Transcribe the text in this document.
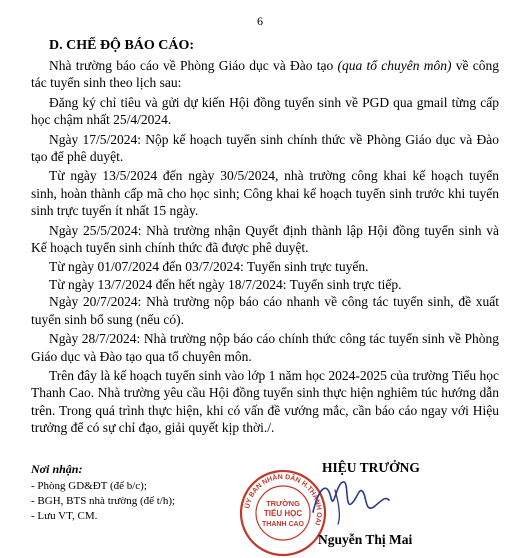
6
D. CHẾ ĐỘ BÁO CÁO:

Nhà trường báo cáo về Phòng Giáo dục và Đào tạo (qua tổ chuyên môn) về công tác tuyển sinh theo lịch sau:

Đăng ký chỉ tiêu và gửi dự kiến Hội đồng tuyển sinh về PGD qua gmail từng cấp học chậm nhất 25/4/2024.

Ngày 17/5/2024: Nộp kế hoạch tuyển sinh chính thức về Phòng Giáo dục và Đào tạo để phê duyệt.

Từ ngày 13/5/2024 đến ngày 30/5/2024, nhà trường công khai kế hoạch tuyển sinh, hoàn thành cấp mã cho học sinh; Công khai kế hoạch tuyển sinh trước khi tuyển sinh trực tuyến ít nhất 15 ngày.

Ngày 25/5/2024: Nhà trường nhận Quyết định thành lập Hội đồng tuyển sinh và Kế hoạch tuyển sinh chính thức đã được phê duyệt.

Từ ngày 01/07/2024 đến 03/7/2024: Tuyển sinh trực tuyến.

Từ ngày 13/7/2024 đến hết ngày 18/7/2024: Tuyển sinh trực tiếp.

Ngày 20/7/2024: Nhà trường nộp báo cáo nhanh về công tác tuyển sinh, đề xuất tuyển sinh bổ sung (nếu có).

Ngày 28/7/2024: Nhà trường nộp báo cáo chính thức công tác tuyển sinh về Phòng Giáo dục và Đào tạo qua tổ chuyên môn.

Trên đây là kế hoạch tuyển sinh vào lớp 1 năm học 2024-2025 của trường Tiểu học Thanh Cao. Nhà trường yêu cầu Hội đồng tuyển sinh thực hiện nghiêm túc hướng dẫn trên. Trong quá trình thực hiện, khi có vấn đề vướng mắc, cần báo cáo ngay với Hiệu trưởng để có sự chỉ đạo, giải quyết kịp thời./.

Nơi nhận:
- Phòng GD&ĐT (để b/c);
- BGH, BTS nhà trường (để t/h);
- Lưu VT, CM.
ỦY BAN NHÂN DÂN H.THANH OAI
TRƯỜNG
TIỂU HỌC
THANH CAO
HIỆU TRƯỞNG
Nguyễn Thị Mai
